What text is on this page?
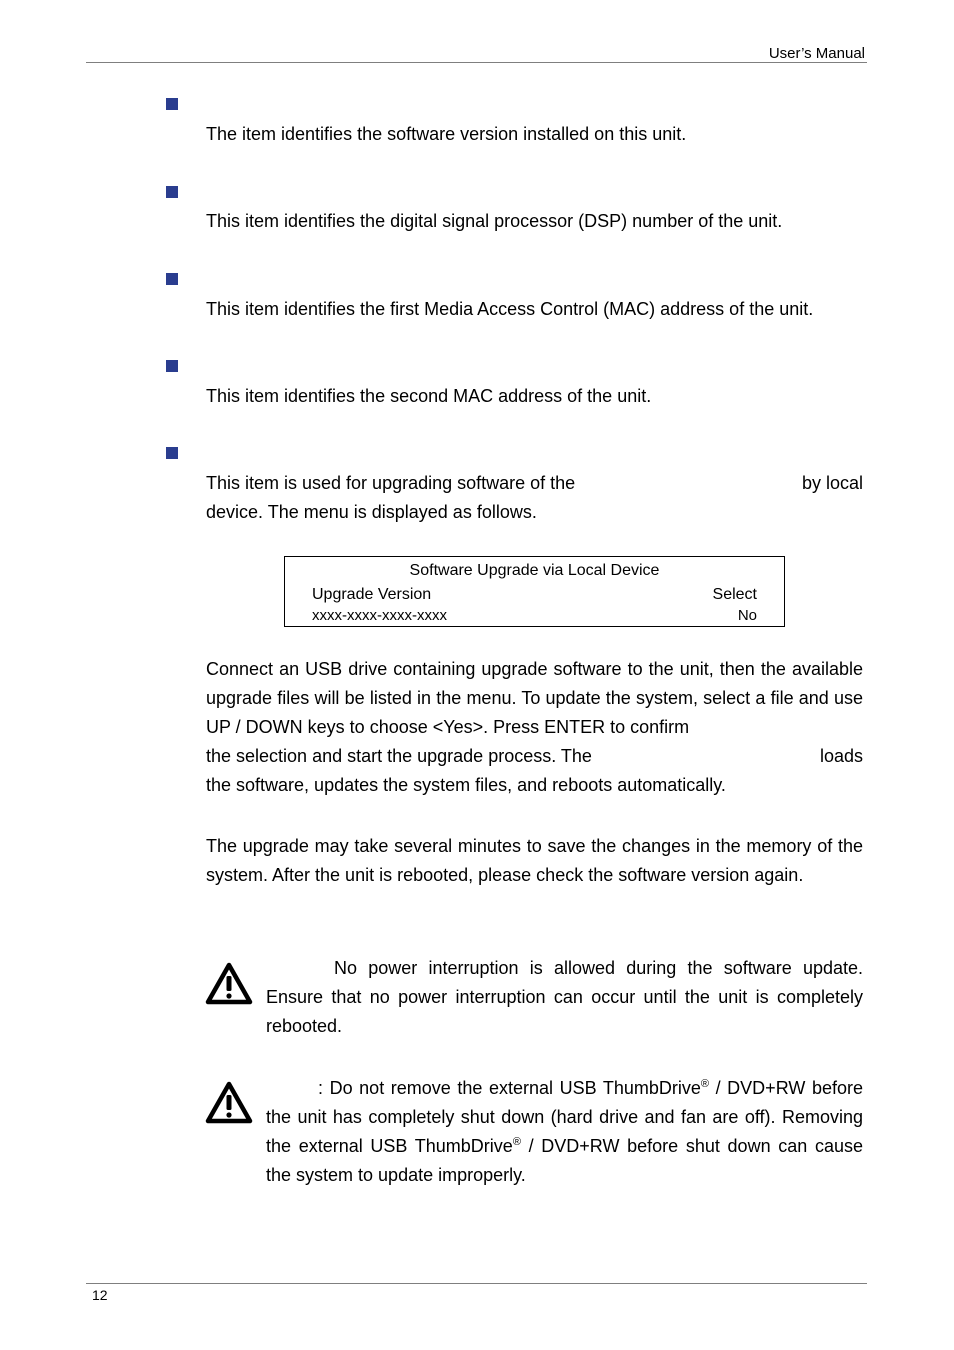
User’s Manual
The item identifies the software version installed on this unit.
This item identifies the digital signal processor (DSP) number of the unit.
This item identifies the first Media Access Control (MAC) address of the unit.
This item identifies the second MAC address of the unit.
This item is used for upgrading software of the	by local
device. The menu is displayed as follows.
Software Upgrade via Local Device
Upgrade Version	Select
xxxx-xxxx-xxxx-xxxx	No
Connect an USB drive containing upgrade software to the unit, then the available upgrade files will be listed in the menu. To update the system, select a file and use UP / DOWN keys to choose <Yes>. Press ENTER to confirm
the selection and start the upgrade process. The	loads
the software, updates the system files, and reboots automatically.
The upgrade may take several minutes to save the changes in the memory of the system. After the unit is rebooted, please check the software version again.
No power interruption is allowed during the software update. Ensure that no power interruption can occur until the unit is completely rebooted.
: Do not remove the external USB ThumbDrive® / DVD+RW before the unit has completely shut down (hard drive and fan are off). Removing the external USB ThumbDrive® / DVD+RW before shut down can cause the system to update improperly.
12
